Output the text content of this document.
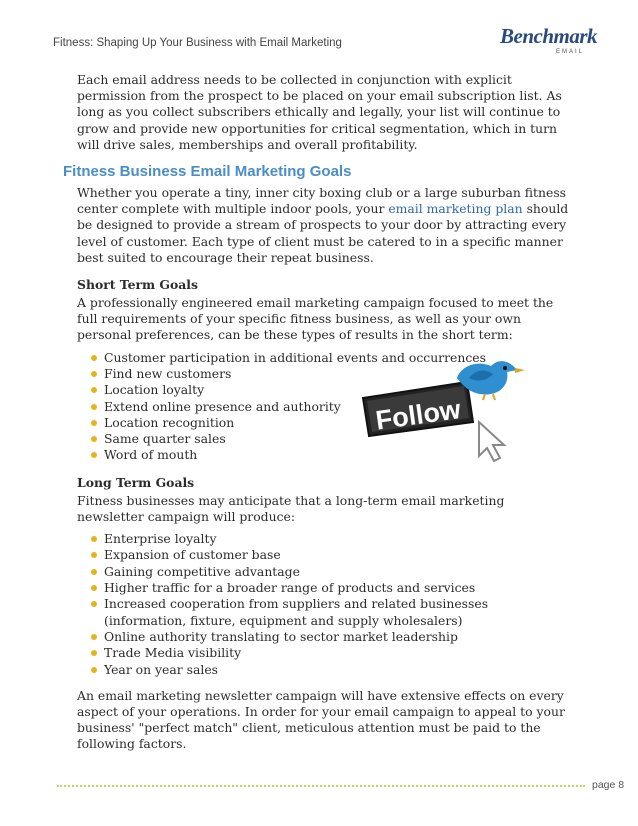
Fitness: Shaping Up Your Business with Email Marketing	Benchmark
EMAIL

Each email address needs to be collected in conjunction with explicit permission from the prospect to be placed on your email subscription list. As long as you collect subscribers ethically and legally, your list will continue to grow and provide new opportunities for critical segmentation, which in turn will drive sales, memberships and overall profitability.

Fitness Business Email Marketing Goals

Whether you operate a tiny, inner city boxing club or a large suburban fitness center complete with multiple indoor pools, your email marketing plan should be designed to provide a stream of prospects to your door by attracting every level of customer. Each type of client must be catered to in a specific manner best suited to encourage their repeat business.

Short Term Goals

A professionally engineered email marketing campaign focused to meet the full requirements of your specific fitness business, as well as your own personal preferences, can be these types of results in the short term:

Customer participation in additional events and occurrences
Find new customers
Location loyalty
Extend online presence and authority
Location recognition
Same quarter sales
Word of mouth
Long Term Goals

Fitness businesses may anticipate that a long-term email marketing newsletter campaign will produce:

Enterprise loyalty
Expansion of customer base
Gaining competitive advantage
Higher traffic for a broader range of products and services
Increased cooperation from suppliers and related businesses (information, fixture, equipment and supply wholesalers)
Online authority translating to sector market leadership
Trade Media visibility
Year on year sales

An email marketing newsletter campaign will have extensive effects on every aspect of your operations. In order for your email campaign to appeal to your business' "perfect match" client, meticulous attention must be paid to the following factors.

Follow
page 8
